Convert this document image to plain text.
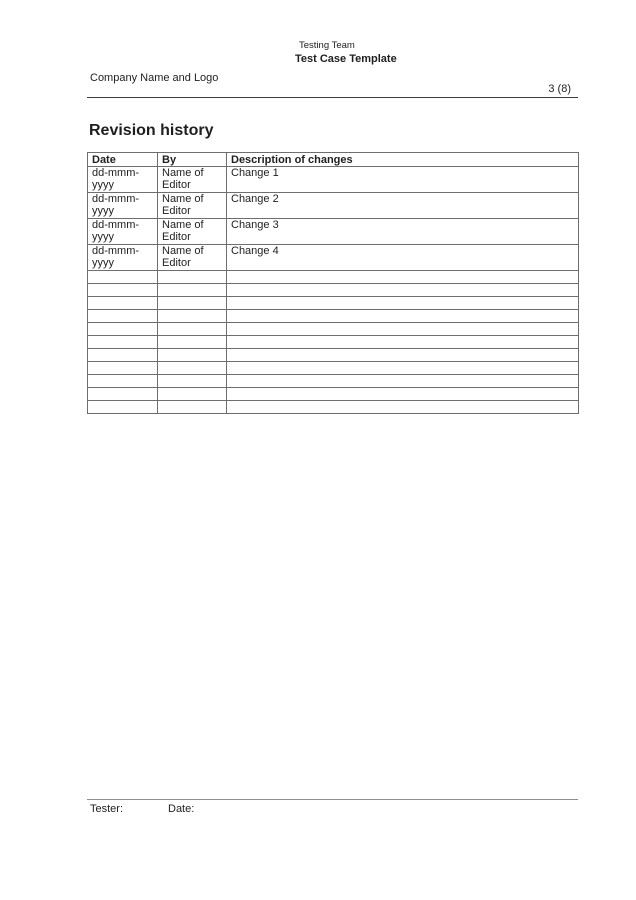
Testing Team
Test Case Template
Company Name and Logo
3 (8)
Revision history
Date	By	Description of changes
dd-mmm-yyyy	Name of Editor	Change 1
dd-mmm-yyyy	Name of Editor	Change 2
dd-mmm-yyyy	Name of Editor	Change 3
dd-mmm-yyyy	Name of Editor	Change 4

Tester:	Date:
